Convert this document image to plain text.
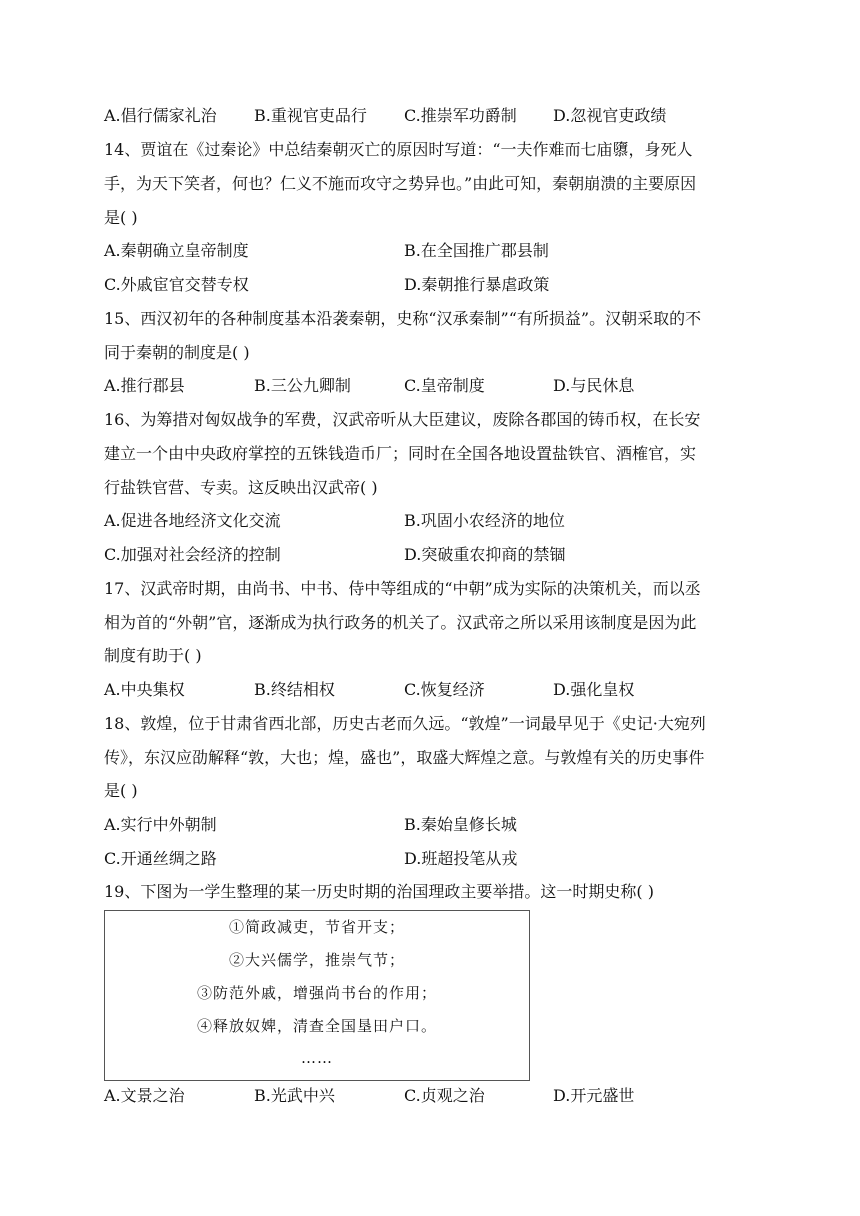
A.倡行儒家礼治 B.重视官吏品行 C.推崇军功爵制 D.忽视官吏政绩
14、贾谊在《过秦论》中总结秦朝灭亡的原因时写道：“一夫作难而七庙隳，身死人
手，为天下笑者，何也？仁义不施而攻守之势异也。”由此可知，秦朝崩溃的主要原因
是( )
A.秦朝确立皇帝制度	B.在全国推广郡县制
C.外戚宦官交替专权	D.秦朝推行暴虐政策
15、西汉初年的各种制度基本沿袭秦朝，史称“汉承秦制”“有所损益”。汉朝采取的不
同于秦朝的制度是( )
A.推行郡县	B.三公九卿制	C.皇帝制度	D.与民休息
16、为筹措对匈奴战争的军费，汉武帝听从大臣建议，废除各郡国的铸币权，在长安
建立一个由中央政府掌控的五铢钱造币厂；同时在全国各地设置盐铁官、酒榷官，实
行盐铁官营、专卖。这反映出汉武帝( )
A.促进各地经济文化交流	B.巩固小农经济的地位
C.加强对社会经济的控制	D.突破重农抑商的禁锢
17、汉武帝时期，由尚书、中书、侍中等组成的“中朝”成为实际的决策机关，而以丞
相为首的“外朝”官，逐渐成为执行政务的机关了。汉武帝之所以采用该制度是因为此
制度有助于( )
A.中央集权	B.终结相权	C.恢复经济	D.强化皇权
18、敦煌，位于甘肃省西北部，历史古老而久远。“敦煌”一词最早见于《史记·大宛列
传》，东汉应劭解释“敦，大也；煌，盛也”，取盛大辉煌之意。与敦煌有关的历史事件
是( )
A.实行中外朝制	B.秦始皇修长城
C.开通丝绸之路	D.班超投笔从戎
19、下图为一学生整理的某一历史时期的治国理政主要举措。这一时期史称( )
①简政减吏，节省开支；
②大兴儒学，推崇气节；
③防范外戚，增强尚书台的作用；
④释放奴婢，清查全国垦田户口。
……
A.文景之治	B.光武中兴	C.贞观之治	D.开元盛世
